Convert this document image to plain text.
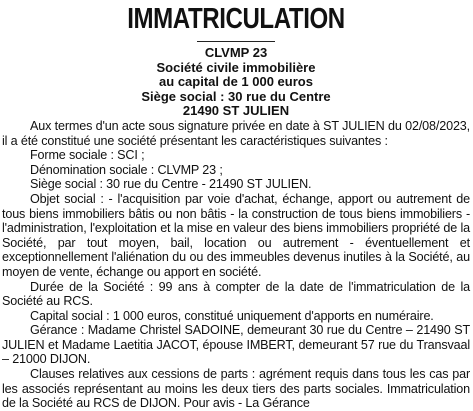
IMMATRICULATION
CLVMP 23
Société civile immobilière
au capital de 1 000 euros
Siège social : 30 rue du Centre
21490 ST JULIEN

Aux termes d'un acte sous signature privée en date à ST JULIEN du 02/08/2023, il a été constitué une société présentant les caractéristiques suivantes :

Forme sociale : SCI ;

Dénomination sociale : CLVMP 23 ;

Siège social : 30 rue du Centre - 21490 ST JULIEN.

Objet social : - l'acquisition par voie d'achat, échange, apport ou autrement de tous biens immobiliers bâtis ou non bâtis - la construction de tous biens immobiliers - l'administration, l'exploitation et la mise en valeur des biens immobiliers propriété de la Société, par tout moyen, bail, location ou autrement - éventuellement et exceptionnellement l'aliénation du ou des immeubles devenus inutiles à la Société, au moyen de vente, échange ou apport en société.

Durée de la Société : 99 ans à compter de la date de l'immatriculation de la Société au RCS.

Capital social : 1 000 euros, constitué uniquement d'apports en numéraire.

Gérance : Madame Christel SADOINE, demeurant 30 rue du Centre – 21490 ST JULIEN et Madame Laetitia JACOT, épouse IMBERT, demeurant 57 rue du Transvaal – 21000 DIJON.

Clauses relatives aux cessions de parts : agrément requis dans tous les cas par les associés représentant au moins les deux tiers des parts sociales. Immatriculation de la Société au RCS de DIJON. Pour avis - La Gérance
